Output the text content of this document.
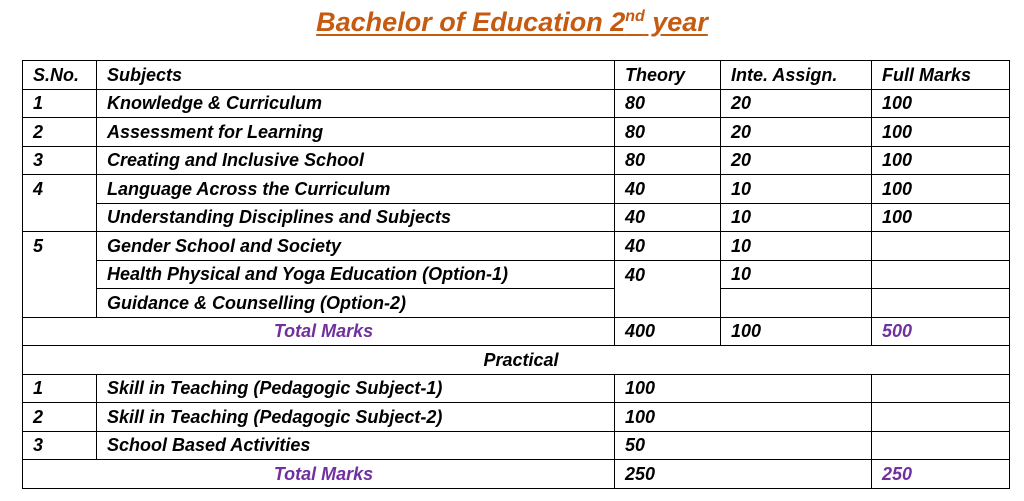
Bachelor of Education 2nd year
S.No.	Subjects	Theory	Inte. Assign.	Full Marks
1	Knowledge & Curriculum	80	20	100
2	Assessment for Learning	80	20	100
3	Creating and Inclusive School	80	20	100
4	Language Across the Curriculum	40	10	100
	Understanding Disciplines and Subjects	40	10	100
5	Gender School and Society	40	10	
	Health Physical and Yoga Education (Option-1)	40	10	
	Guidance & Counselling (Option-2)			
Total Marks		400	100	500
Practical				
1	Skill in Teaching (Pedagogic Subject-1)	100		
2	Skill in Teaching (Pedagogic Subject-2)	100		
3	School Based Activities	50		
Total Marks		250		250
